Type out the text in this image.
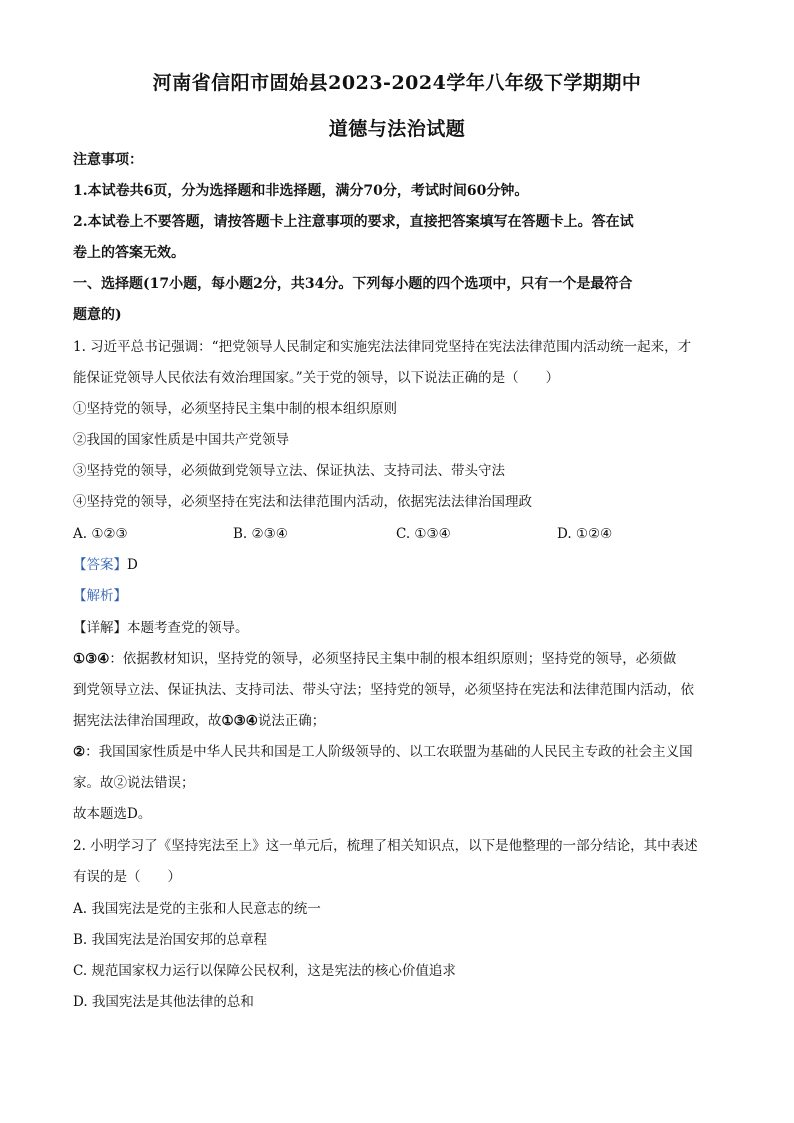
河南省信阳市固始县2023-2024学年八年级下学期期中
道德与法治试题
注意事项：
1.本试卷共6页，分为选择题和非选择题，满分70分，考试时间60分钟。
2.本试卷上不要答题，请按答题卡上注意事项的要求，直接把答案填写在答题卡上。答在试
卷上的答案无效。
一、选择题(17小题，每小题2分，共34分。下列每小题的四个选项中，只有一个是最符合
题意的)
1. 习近平总书记强调：“把党领导人民制定和实施宪法法律同党坚持在宪法法律范围内活动统一起来，才
能保证党领导人民依法有效治理国家。”关于党的领导，以下说法正确的是（　　）
①坚持党的领导，必须坚持民主集中制的根本组织原则
②我国的国家性质是中国共产党领导
③坚持党的领导，必须做到党领导立法、保证执法、支持司法、带头守法
④坚持党的领导，必须坚持在宪法和法律范围内活动，依据宪法法律治国理政
A. ①②③	B. ②③④	C. ①③④	D. ①②④
【答案】D
【解析】
【详解】本题考查党的领导。
①③④：依据教材知识，坚持党的领导，必须坚持民主集中制的根本组织原则；坚持党的领导，必须做
到党领导立法、保证执法、支持司法、带头守法；坚持党的领导，必须坚持在宪法和法律范围内活动，依
据宪法法律治国理政，故①③④说法正确；
②：我国国家性质是中华人民共和国是工人阶级领导的、以工农联盟为基础的人民民主专政的社会主义国
家。故②说法错误；
故本题选D。
2. 小明学习了《坚持宪法至上》这一单元后，梳理了相关知识点，以下是他整理的一部分结论，其中表述
有误的是（　　）
A. 我国宪法是党的主张和人民意志的统一
B. 我国宪法是治国安邦的总章程
C. 规范国家权力运行以保障公民权利，这是宪法的核心价值追求
D. 我国宪法是其他法律的总和
